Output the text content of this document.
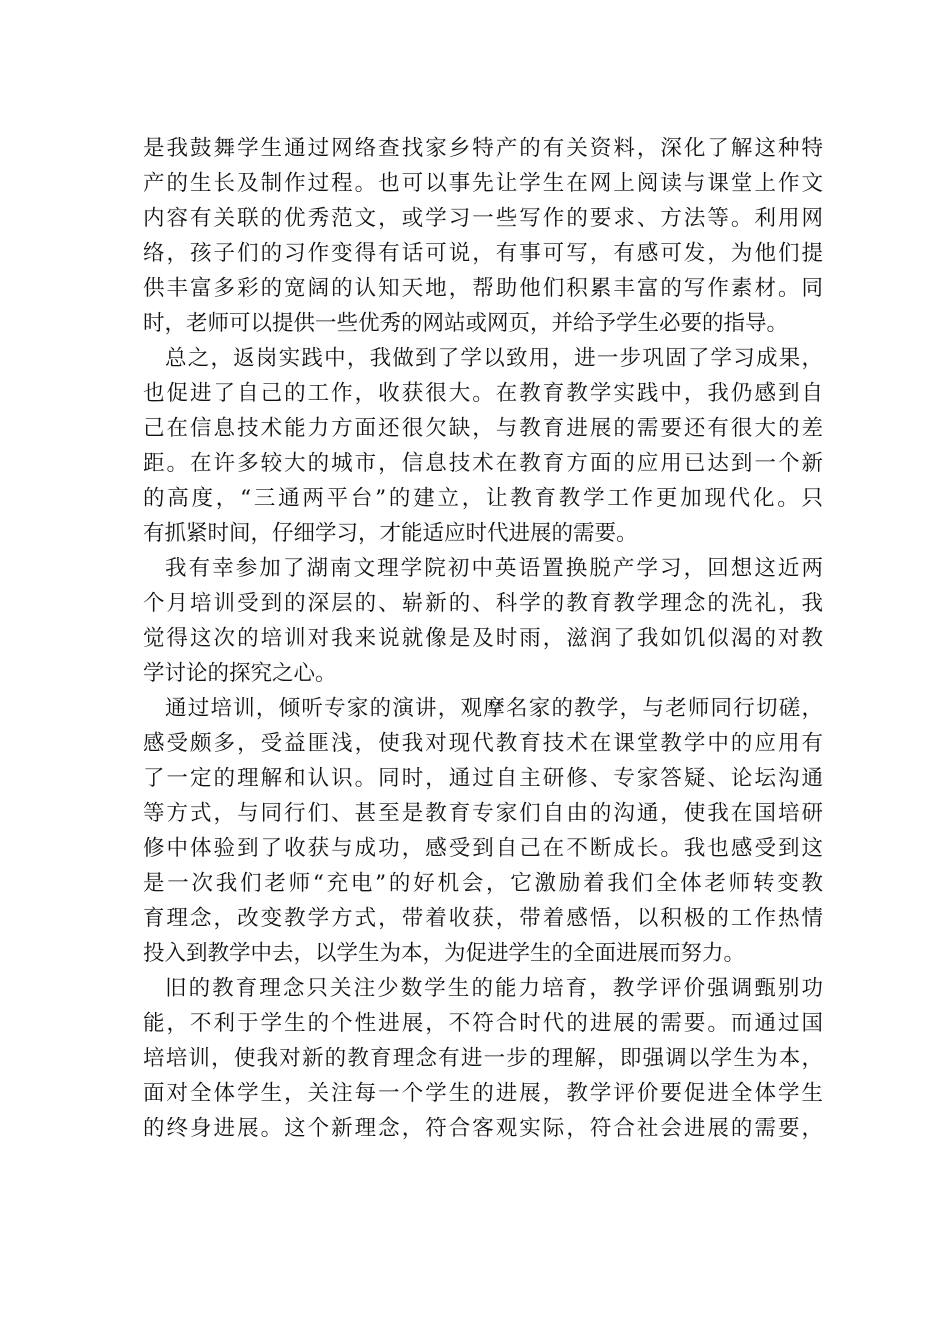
是我鼓舞学生通过网络查找家乡特产的有关资料，深化了解这种特
产的生长及制作过程。也可以事先让学生在网上阅读与课堂上作文
内容有关联的优秀范文，或学习一些写作的要求、方法等。利用网
络，孩子们的习作变得有话可说，有事可写，有感可发，为他们提
供丰富多彩的宽阔的认知天地，帮助他们积累丰富的写作素材。同
时，老师可以提供一些优秀的网站或网页，并给予学生必要的指导。
总之，返岗实践中，我做到了学以致用，进一步巩固了学习成果，
也促进了自己的工作，收获很大。在教育教学实践中，我仍感到自
己在信息技术能力方面还很欠缺，与教育进展的需要还有很大的差
距。在许多较大的城市，信息技术在教育方面的应用已达到一个新
的高度，“三通两平台”的建立，让教育教学工作更加现代化。只
有抓紧时间，仔细学习，才能适应时代进展的需要。
我有幸参加了湖南文理学院初中英语置换脱产学习，回想这近两
个月培训受到的深层的、崭新的、科学的教育教学理念的洗礼，我
觉得这次的培训对我来说就像是及时雨，滋润了我如饥似渴的对教
学讨论的探究之心。
通过培训，倾听专家的演讲，观摩名家的教学，与老师同行切磋，
感受颇多，受益匪浅，使我对现代教育技术在课堂教学中的应用有
了一定的理解和认识。同时，通过自主研修、专家答疑、论坛沟通
等方式，与同行们、甚至是教育专家们自由的沟通，使我在国培研
修中体验到了收获与成功，感受到自己在不断成长。我也感受到这
是一次我们老师“充电”的好机会，它激励着我们全体老师转变教
育理念，改变教学方式，带着收获，带着感悟，以积极的工作热情
投入到教学中去，以学生为本，为促进学生的全面进展而努力。
旧的教育理念只关注少数学生的能力培育，教学评价强调甄别功
能，不利于学生的个性进展，不符合时代的进展的需要。而通过国
培培训，使我对新的教育理念有进一步的理解，即强调以学生为本，
面对全体学生，关注每一个学生的进展，教学评价要促进全体学生
的终身进展。这个新理念，符合客观实际，符合社会进展的需要，
